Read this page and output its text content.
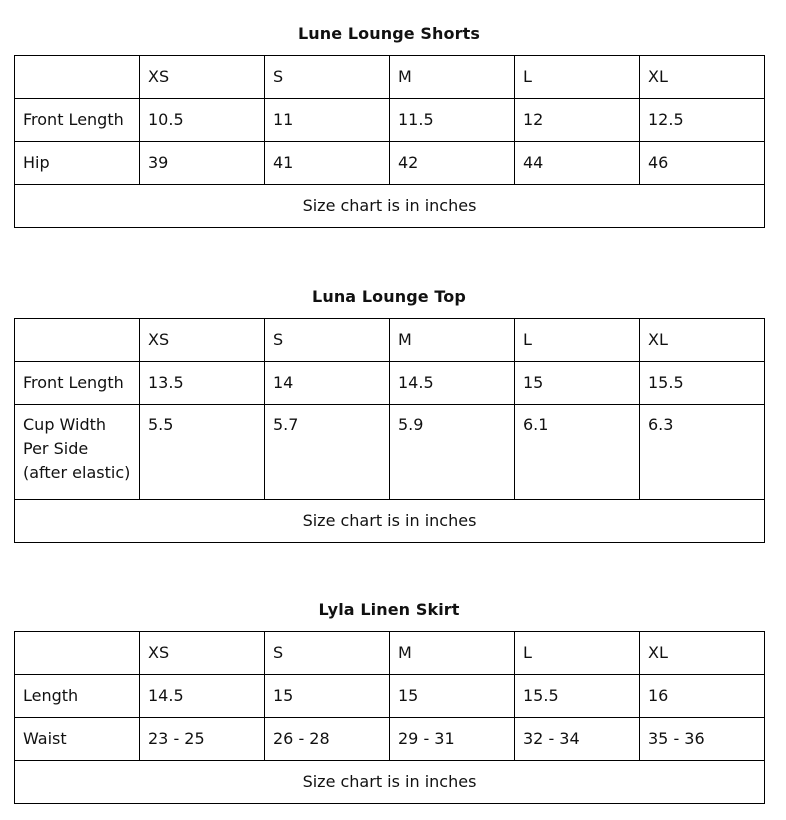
Lune Lounge Shorts
	XS	S	M	L	XL
Front Length	10.5	11	11.5	12	12.5
Hip	39	41	42	44	46
Size chart is in inches					
Luna Lounge Top
	XS	S	M	L	XL
Front Length	13.5	14	14.5	15	15.5
Cup Width Per Side (after elastic)	5.5	5.7	5.9	6.1	6.3
Size chart is in inches					
Lyla Linen Skirt
	XS	S	M	L	XL
Length	14.5	15	15	15.5	16
Waist	23 - 25	26 - 28	29 - 31	32 - 34	35 - 36
Size chart is in inches					
